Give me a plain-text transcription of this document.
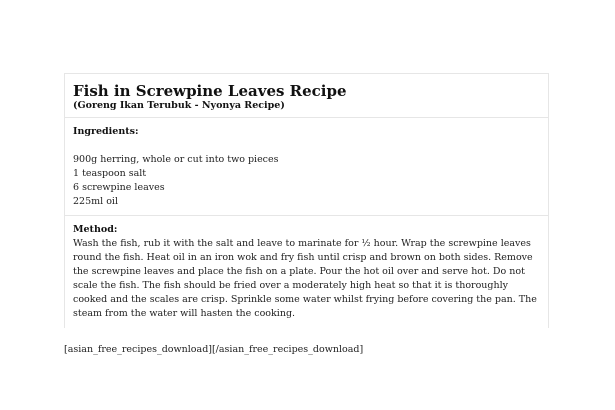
Fish in Screwpine Leaves Recipe
(Goreng Ikan Terubuk - Nyonya Recipe)
Ingredients:
900g herring, whole or cut into two pieces
1 teaspoon salt
6 screwpine leaves
225ml oil
Method:
Wash the fish, rub it with the salt and leave to marinate for ½ hour. Wrap the screwpine leaves round the fish. Heat oil in an iron wok and fry fish until crisp and brown on both sides. Remove the screwpine leaves and place the fish on a plate. Pour the hot oil over and serve hot. Do not scale the fish. The fish should be fried over a moderately high heat so that it is thoroughly cooked and the scales are crisp. Sprinkle some water whilst frying before covering the pan. The steam from the water will hasten the cooking.
[asian_free_recipes_download][/asian_free_recipes_download]
